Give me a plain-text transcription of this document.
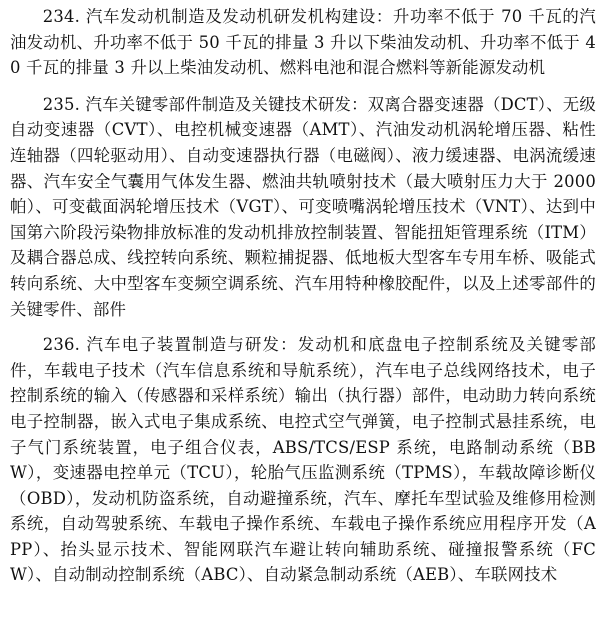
234. 汽车发动机制造及发动机研发机构建设：升功率不低于 70 千瓦的汽油发动机、升功率不低于 50 千瓦的排量 3 升以下柴油发动机、升功率不低于 40 千瓦的排量 3 升以上柴油发动机、燃料电池和混合燃料等新能源发动机

235. 汽车关键零部件制造及关键技术研发：双离合器变速器（DCT）、无级自动变速器（CVT）、电控机械变速器（AMT）、汽油发动机涡轮增压器、粘性连轴器（四轮驱动用）、自动变速器执行器（电磁阀）、液力缓速器、电涡流缓速器、汽车安全气囊用气体发生器、燃油共轨喷射技术（最大喷射压力大于 2000 帕）、可变截面涡轮增压技术（VGT）、可变喷嘴涡轮增压技术（VNT）、达到中国第六阶段污染物排放标准的发动机排放控制装置、智能扭矩管理系统（ITM）及耦合器总成、线控转向系统、颗粒捕捉器、低地板大型客车专用车桥、吸能式转向系统、大中型客车变频空调系统、汽车用特种橡胶配件，以及上述零部件的关键零件、部件

236. 汽车电子装置制造与研发：发动机和底盘电子控制系统及关键零部件，车载电子技术（汽车信息系统和导航系统），汽车电子总线网络技术，电子控制系统的输入（传感器和采样系统）输出（执行器）部件，电动助力转向系统电子控制器，嵌入式电子集成系统、电控式空气弹簧，电子控制式悬挂系统，电子气门系统装置，电子组合仪表，ABS/TCS/ESP 系统，电路制动系统（BBW），变速器电控单元（TCU），轮胎气压监测系统（TPMS），车载故障诊断仪（OBD），发动机防盗系统，自动避撞系统，汽车、摩托车型试验及维修用检测系统，自动驾驶系统、车载电子操作系统、车载电子操作系统应用程序开发（APP）、抬头显示技术、智能网联汽车避让转向辅助系统、碰撞报警系统（FCW）、自动制动控制系统（ABC）、自动紧急制动系统（AEB）、车联网技术
